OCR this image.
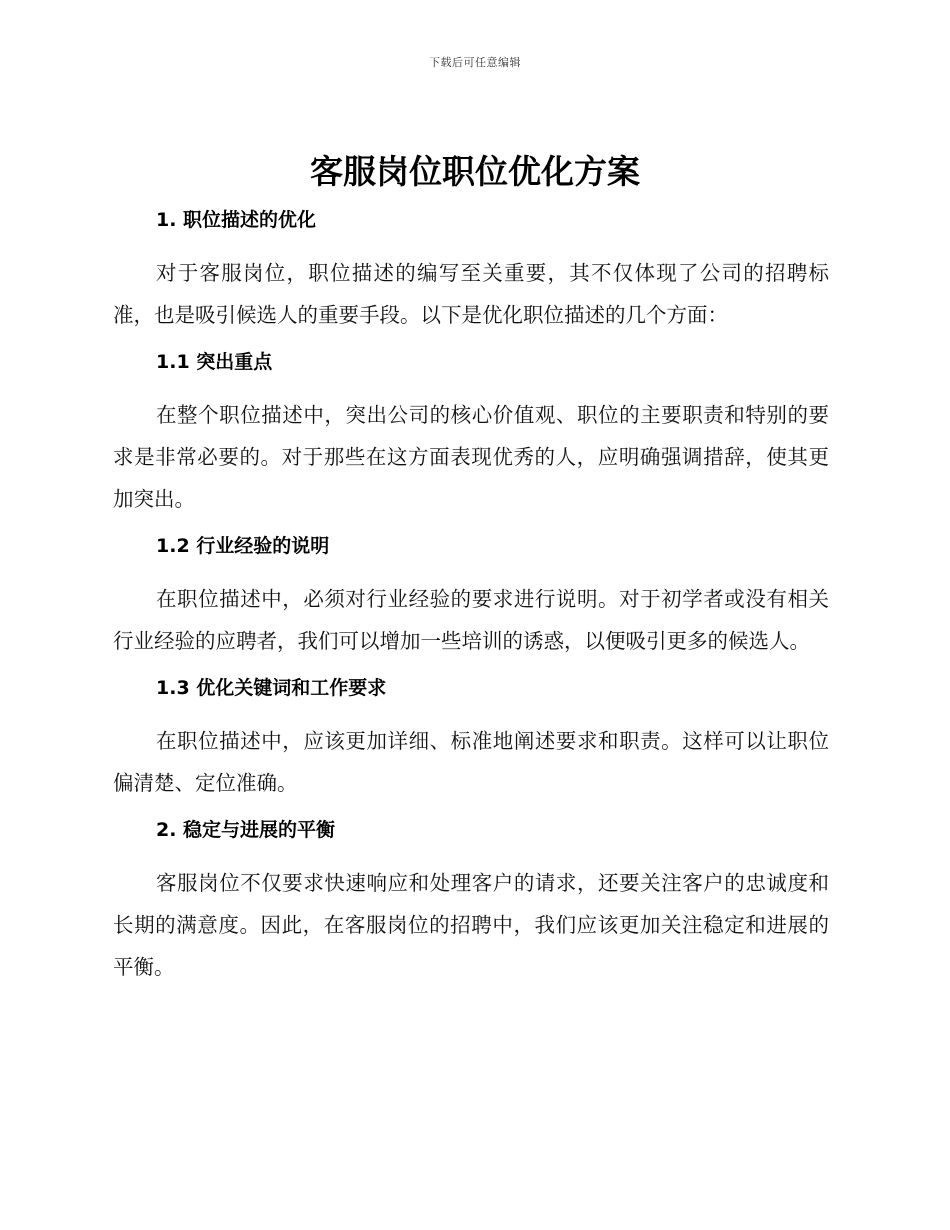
下载后可任意编辑
客服岗位职位优化方案
1. 职位描述的优化

对于客服岗位，职位描述的编写至关重要，其不仅体现了公司的招聘标准，也是吸引候选人的重要手段。以下是优化职位描述的几个方面：

1.1 突出重点

在整个职位描述中，突出公司的核心价值观、职位的主要职责和特别的要求是非常必要的。对于那些在这方面表现优秀的人，应明确强调措辞，使其更加突出。

1.2 行业经验的说明

在职位描述中，必须对行业经验的要求进行说明。对于初学者或没有相关行业经验的应聘者，我们可以增加一些培训的诱惑，以便吸引更多的候选人。

1.3 优化关键词和工作要求

在职位描述中，应该更加详细、标准地阐述要求和职责。这样可以让职位偏清楚、定位准确。

2. 稳定与进展的平衡

客服岗位不仅要求快速响应和处理客户的请求，还要关注客户的忠诚度和长期的满意度。因此，在客服岗位的招聘中，我们应该更加关注稳定和进展的平衡。
